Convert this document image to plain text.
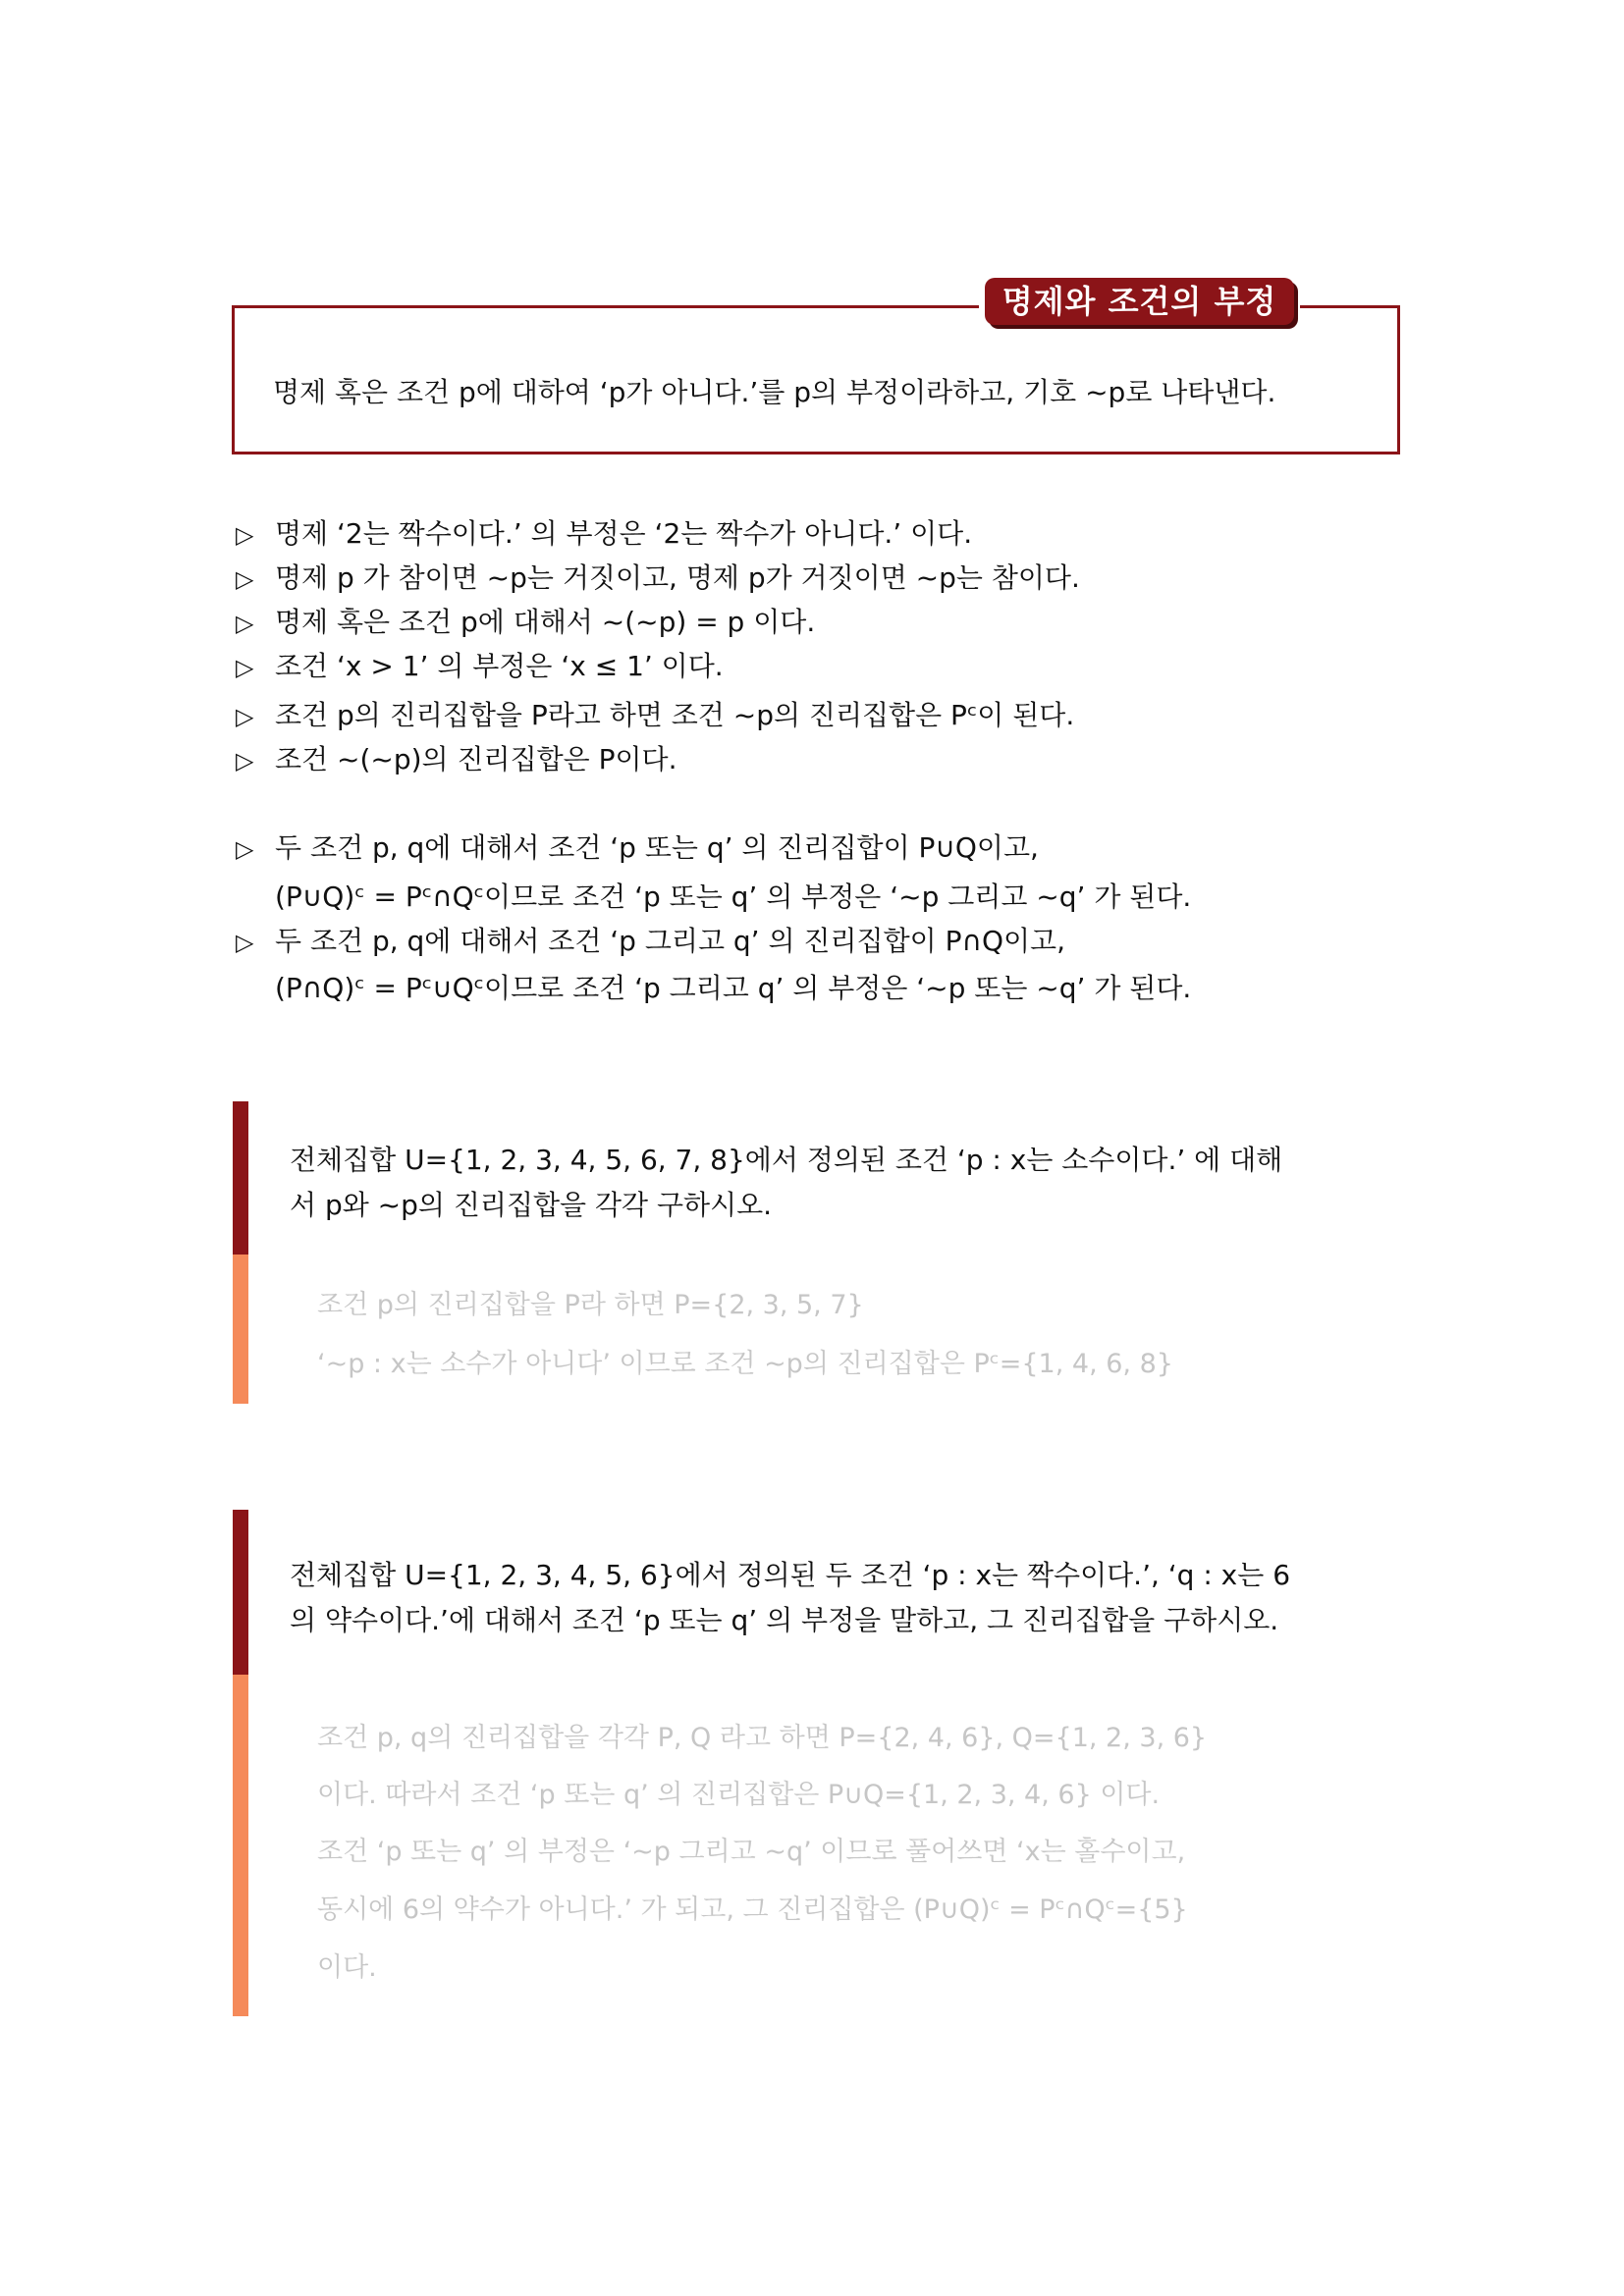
명제와 조건의 부정
명제 혹은 조건 p에 대하여 ‘p가 아니다.’를 p의 부정이라하고, 기호 ~p로 나타낸다.
▷ 명제 ‘2는 짝수이다.’ 의 부정은 ‘2는 짝수가 아니다.’ 이다.
▷ 명제 p 가 참이면 ~p는 거짓이고, 명제 p가 거짓이면 ~p는 참이다.
▷ 명제 혹은 조건 p에 대해서 ~(~p) = p 이다.
▷ 조건 ‘x > 1’ 의 부정은 ‘x ≤ 1’ 이다.
▷ 조건 p의 진리집합을 P라고 하면 조건 ~p의 진리집합은 Pᶜ이 된다.
▷ 조건 ~(~p)의 진리집합은 P이다.
▷ 두 조건 p, q에 대해서 조건 ‘p 또는 q’ 의 진리집합이 P∪Q이고,
(P∪Q)ᶜ = Pᶜ∩Qᶜ이므로 조건 ‘p 또는 q’ 의 부정은 ‘~p 그리고 ~q’ 가 된다.
▷ 두 조건 p, q에 대해서 조건 ‘p 그리고 q’ 의 진리집합이 P∩Q이고,
(P∩Q)ᶜ = Pᶜ∪Qᶜ이므로 조건 ‘p 그리고 q’ 의 부정은 ‘~p 또는 ~q’ 가 된다.
전체집합 U={1, 2, 3, 4, 5, 6, 7, 8}에서 정의된 조건 ‘p : x는 소수이다.’ 에 대해
서 p와 ~p의 진리집합을 각각 구하시오.
조건 p의 진리집합을 P라 하면 P={2, 3, 5, 7}
‘~p : x는 소수가 아니다’ 이므로 조건 ~p의 진리집합은 Pᶜ={1, 4, 6, 8}
전체집합 U={1, 2, 3, 4, 5, 6}에서 정의된 두 조건 ‘p : x는 짝수이다.’, ‘q : x는 6
의 약수이다.’에 대해서 조건 ‘p 또는 q’ 의 부정을 말하고, 그 진리집합을 구하시오.
조건 p, q의 진리집합을 각각 P, Q 라고 하면 P={2, 4, 6}, Q={1, 2, 3, 6}
이다. 따라서 조건 ‘p 또는 q’ 의 진리집합은 P∪Q={1, 2, 3, 4, 6} 이다.
조건 ‘p 또는 q’ 의 부정은 ‘~p 그리고 ~q’ 이므로 풀어쓰면 ‘x는 홀수이고,
동시에 6의 약수가 아니다.’ 가 되고, 그 진리집합은 (P∪Q)ᶜ = Pᶜ∩Qᶜ={5}
이다.
